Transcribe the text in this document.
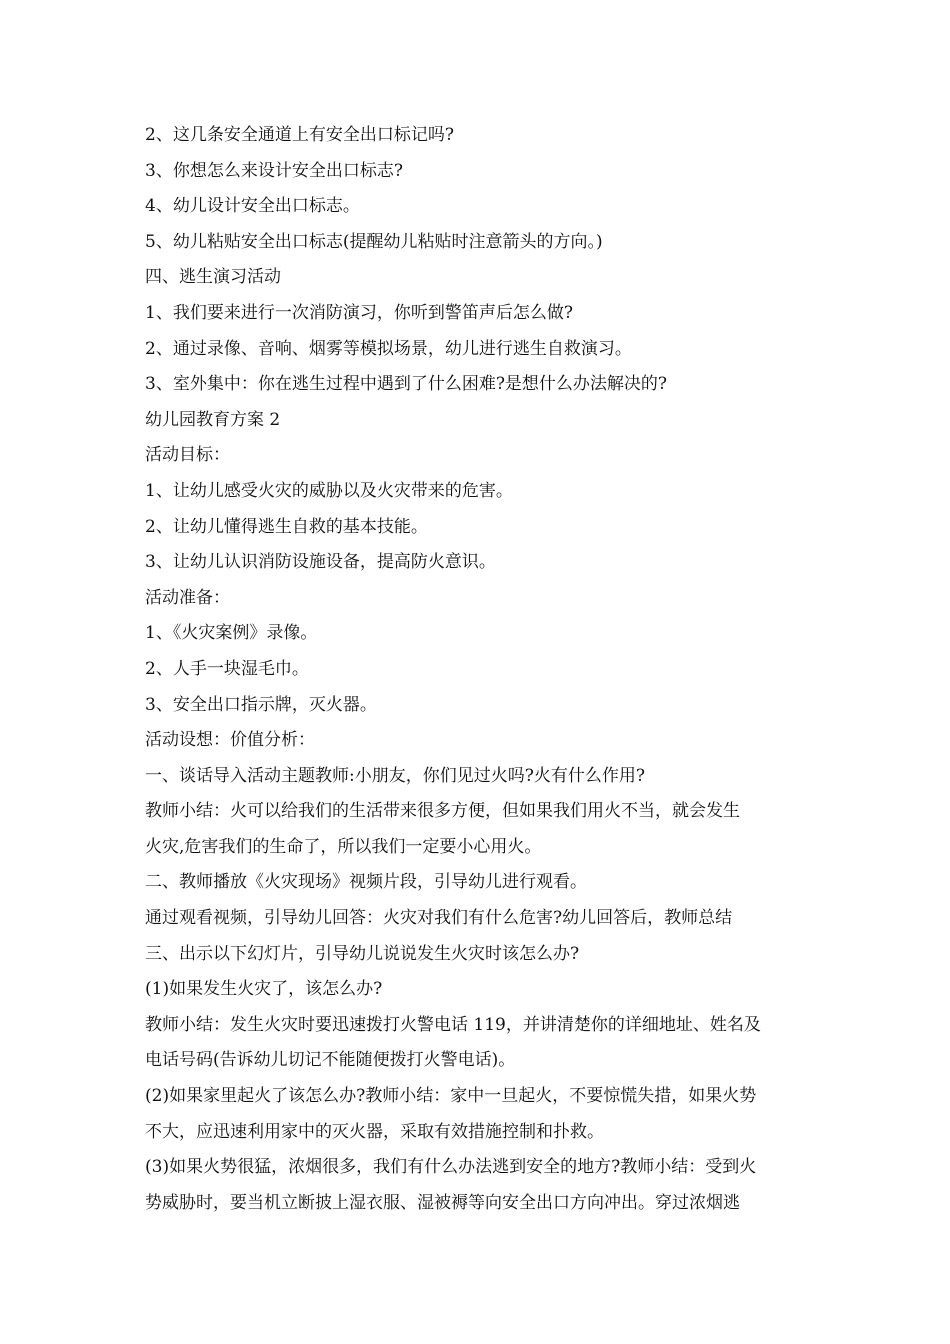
2、这几条安全通道上有安全出口标记吗?
3、你想怎么来设计安全出口标志?
4、幼儿设计安全出口标志。
5、幼儿粘贴安全出口标志(提醒幼儿粘贴时注意箭头的方向。)
四、逃生演习活动
1、我们要来进行一次消防演习，你听到警笛声后怎么做?
2、通过录像、音响、烟雾等模拟场景，幼儿进行逃生自救演习。
3、室外集中：你在逃生过程中遇到了什么困难?是想什么办法解决的?
幼儿园教育方案 2
活动目标：
1、让幼儿感受火灾的威胁以及火灾带来的危害。
2、让幼儿懂得逃生自救的基本技能。
3、让幼儿认识消防设施设备，提高防火意识。
活动准备：
1、《火灾案例》录像。
2、人手一块湿毛巾。
3、安全出口指示牌，灭火器。
活动设想：价值分析：
一、谈话导入活动主题教师:小朋友，你们见过火吗?火有什么作用?
教师小结：火可以给我们的生活带来很多方便，但如果我们用火不当，就会发生
火灾,危害我们的生命了，所以我们一定要小心用火。
二、教师播放《火灾现场》视频片段，引导幼儿进行观看。
通过观看视频，引导幼儿回答：火灾对我们有什么危害?幼儿回答后，教师总结
三、出示以下幻灯片，引导幼儿说说发生火灾时该怎么办?
(1)如果发生火灾了，该怎么办?
教师小结：发生火灾时要迅速拨打火警电话 119，并讲清楚你的详细地址、姓名及
电话号码(告诉幼儿切记不能随便拨打火警电话)。
(2)如果家里起火了该怎么办?教师小结：家中一旦起火，不要惊慌失措，如果火势
不大，应迅速利用家中的灭火器，采取有效措施控制和扑救。
(3)如果火势很猛，浓烟很多，我们有什么办法逃到安全的地方?教师小结：受到火
势威胁时，要当机立断披上湿衣服、湿被褥等向安全出口方向冲出。穿过浓烟逃
